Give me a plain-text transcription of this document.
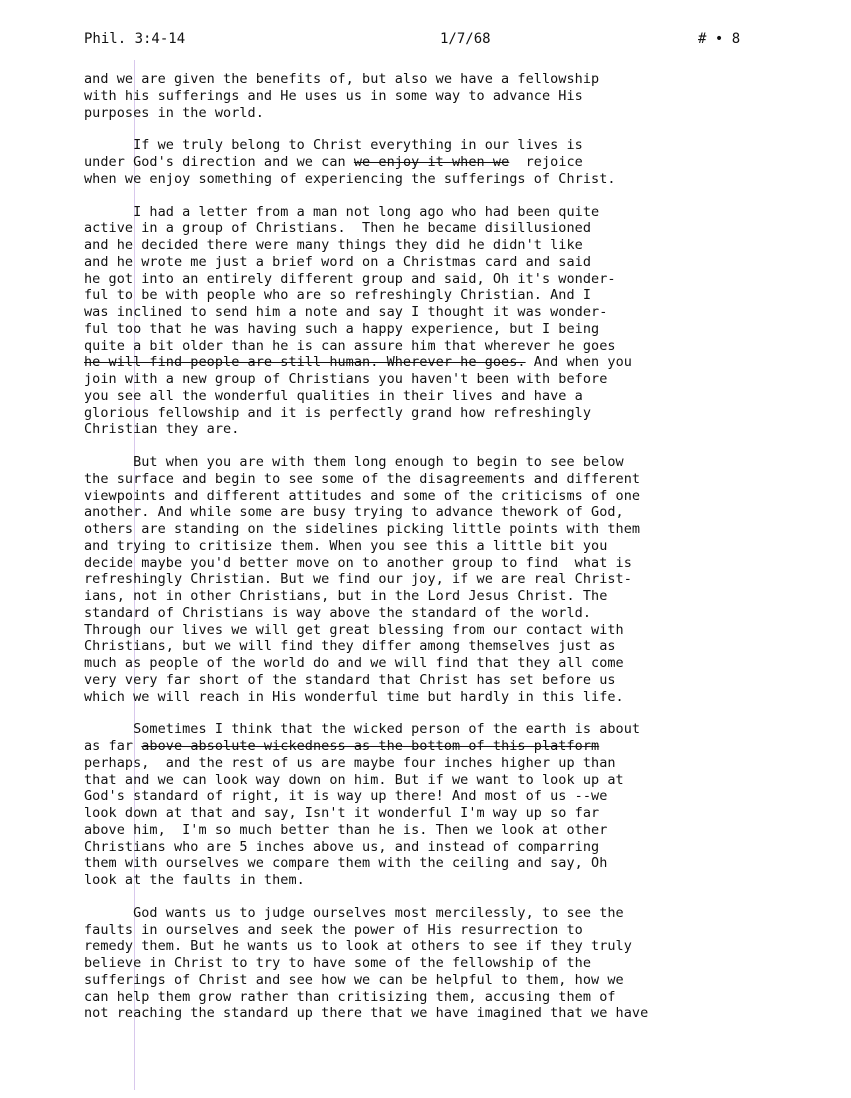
Phil. 3:4-14	1/7/68	# • 8
and we are given the benefits of, but also we have a fellowship
with his sufferings and He uses us in some way to advance His
purposes in the world.
If we truly belong to Christ everything in our lives is
under God's direction and we can we enjoy it when we  rejoice
when we enjoy something of experiencing the sufferings of Christ.
I had a letter from a man not long ago who had been quite
active in a group of Christians.  Then he became disillusioned
and he decided there were many things they did he didn't like
and he wrote me just a brief word on a Christmas card and said
he got into an entirely different group and said, Oh it's wonder-
ful to be with people who are so refreshingly Christian. And I
was inclined to send him a note and say I thought it was wonder-
ful too that he was having such a happy experience, but I being
quite a bit older than he is can assure him that wherever he goes
he will find people are still human. Wherever he goes. And when you
join with a new group of Christians you haven't been with before
you see all the wonderful qualities in their lives and have a
glorious fellowship and it is perfectly grand how refreshingly
Christian they are.
But when you are with them long enough to begin to see below
the surface and begin to see some of the disagreements and different
viewpoints and different attitudes and some of the criticisms of one
another. And while some are busy trying to advance thework of God,
others are standing on the sidelines picking little points with them
and trying to critisize them. When you see this a little bit you
decide maybe you'd better move on to another group to find  what is
refreshingly Christian. But we find our joy, if we are real Christ-
ians, not in other Christians, but in the Lord Jesus Christ. The
standard of Christians is way above the standard of the world.
Through our lives we will get great blessing from our contact with
Christians, but we will find they differ among themselves just as
much as people of the world do and we will find that they all come
very very far short of the standard that Christ has set before us
which we will reach in His wonderful time but hardly in this life.
Sometimes I think that the wicked person of the earth is about
as far above absolute wickedness as the bottom of this platform
perhaps,  and the rest of us are maybe four inches higher up than
that and we can look way down on him. But if we want to look up at
God's standard of right, it is way up there! And most of us --we
look down at that and say, Isn't it wonderful I'm way up so far
above him,  I'm so much better than he is. Then we look at other
Christians who are 5 inches above us, and instead of comparring
them with ourselves we compare them with the ceiling and say, Oh
look at the faults in them.
God wants us to judge ourselves most mercilessly, to see the
faults in ourselves and seek the power of His resurrection to
remedy them. But he wants us to look at others to see if they truly
believe in Christ to try to have some of the fellowship of the
sufferings of Christ and see how we can be helpful to them, how we
can help them grow rather than critisizing them, accusing them of
not reaching the standard up there that we have imagined that we have
